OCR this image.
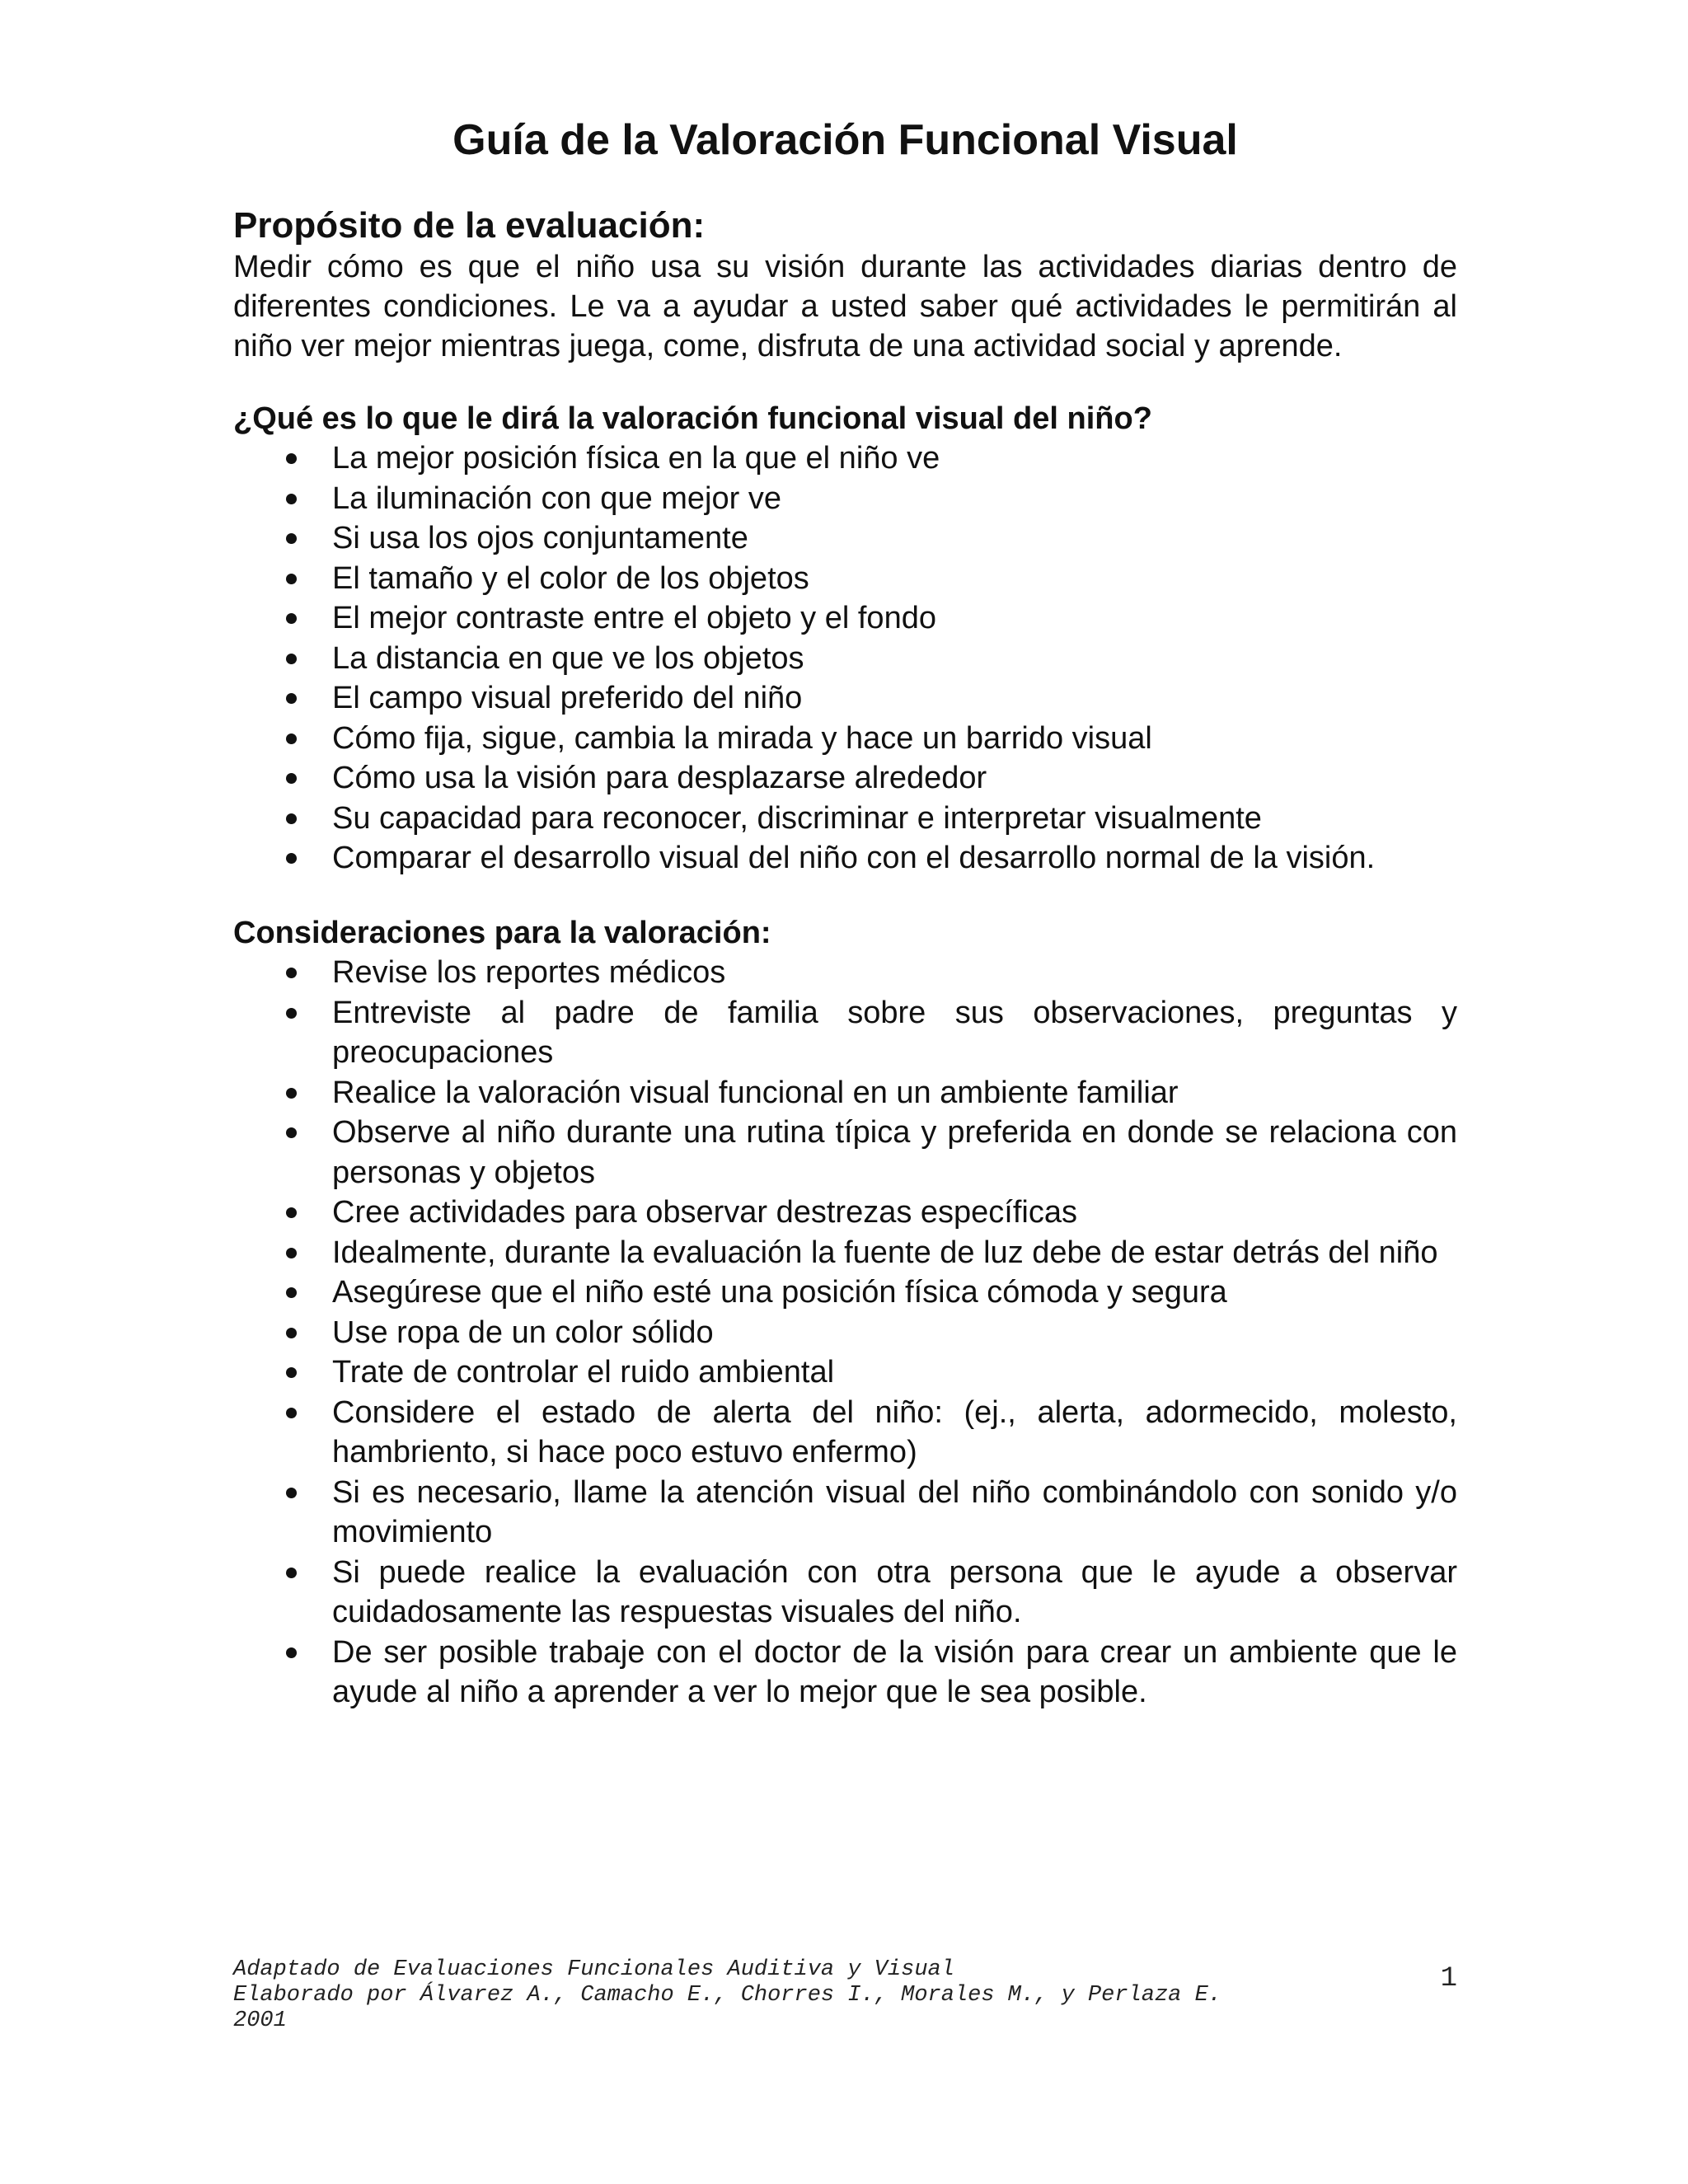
Guía de la Valoración Funcional Visual
Propósito de la evaluación:

Medir cómo es que el niño usa su visión durante las actividades diarias dentro de diferentes condiciones. Le va a ayudar a usted saber qué actividades le permitirán al niño ver mejor mientras juega, come, disfruta de una actividad social y aprende.

¿Qué es lo que le dirá la valoración funcional visual del niño?
La mejor posición física en la que el niño ve
La iluminación con que mejor ve
Si usa los ojos conjuntamente
El tamaño y el color de los objetos
El mejor contraste entre el objeto y el fondo
La distancia en que ve los objetos
El campo visual preferido del niño
Cómo fija, sigue, cambia la mirada y hace un barrido visual
Cómo usa la visión para desplazarse alrededor
Su capacidad para reconocer, discriminar e interpretar visualmente
Comparar el desarrollo visual del niño con el desarrollo normal de la visión.
Consideraciones para la valoración:
Revise los reportes médicos
Entreviste al padre de familia sobre sus observaciones, preguntas y preocupaciones
Realice la valoración visual funcional en un ambiente familiar
Observe al niño durante una rutina típica y preferida en donde se relaciona con personas y objetos
Cree actividades para observar destrezas específicas
Idealmente, durante la evaluación la fuente de luz debe de estar detrás del niño
Asegúrese que el niño esté una posición física cómoda y segura
Use ropa de un color sólido
Trate de controlar el ruido ambiental
Considere el estado de alerta del niño: (ej., alerta, adormecido, molesto, hambriento, si hace poco estuvo enfermo)
Si es necesario, llame la atención visual del niño combinándolo con sonido y/o movimiento
Si puede realice la evaluación con otra persona que le ayude a observar cuidadosamente las respuestas visuales del niño.
De ser posible trabaje con el doctor de la visión para crear un ambiente que le ayude al niño a aprender a ver lo mejor que le sea posible.
Adaptado de Evaluaciones Funcionales Auditiva y Visual
Elaborado por Álvarez A., Camacho E., Chorres I., Morales M., y Perlaza E.
2001
1
